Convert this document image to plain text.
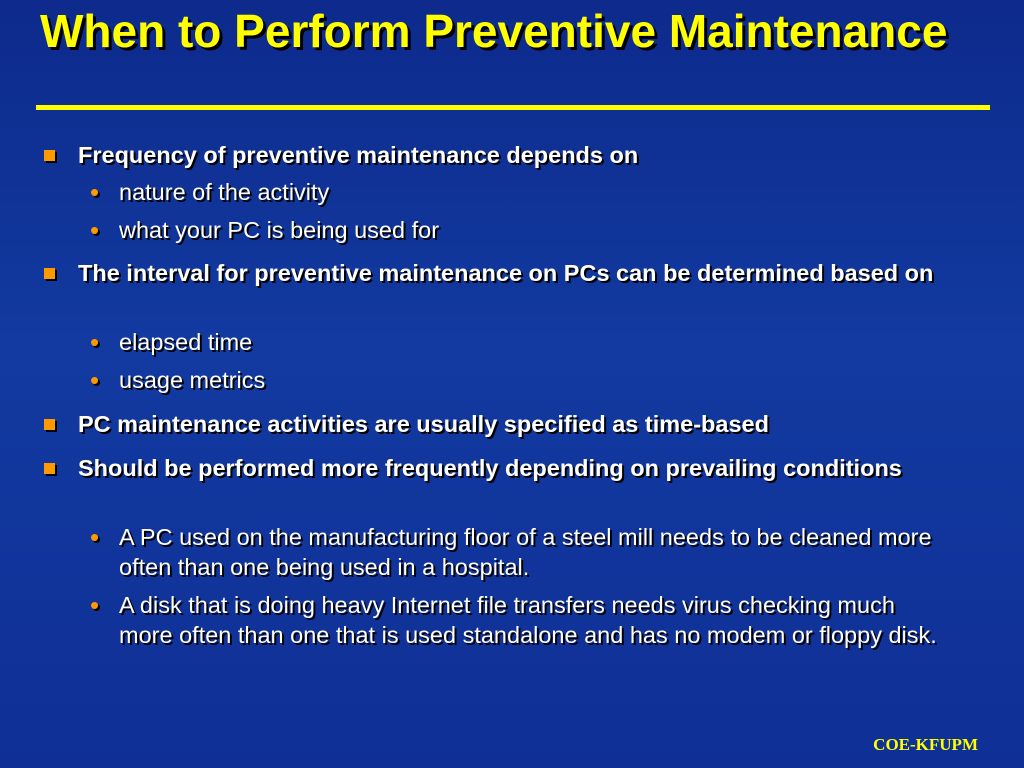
When to Perform Preventive Maintenance
Frequency of preventive maintenance depends on
• nature of the activity
• what your PC is being used for
The interval for preventive maintenance on PCs can be determined based on
• elapsed time
• usage metrics
PC maintenance activities are usually specified as time-based
Should be performed more frequently depending on prevailing conditions
• A PC used on the manufacturing floor of a steel mill needs to be cleaned more often than one being used in a hospital.
• A disk that is doing heavy Internet file transfers needs virus checking much more often than one that is used standalone and has no modem or floppy disk.
COE-KFUPM
